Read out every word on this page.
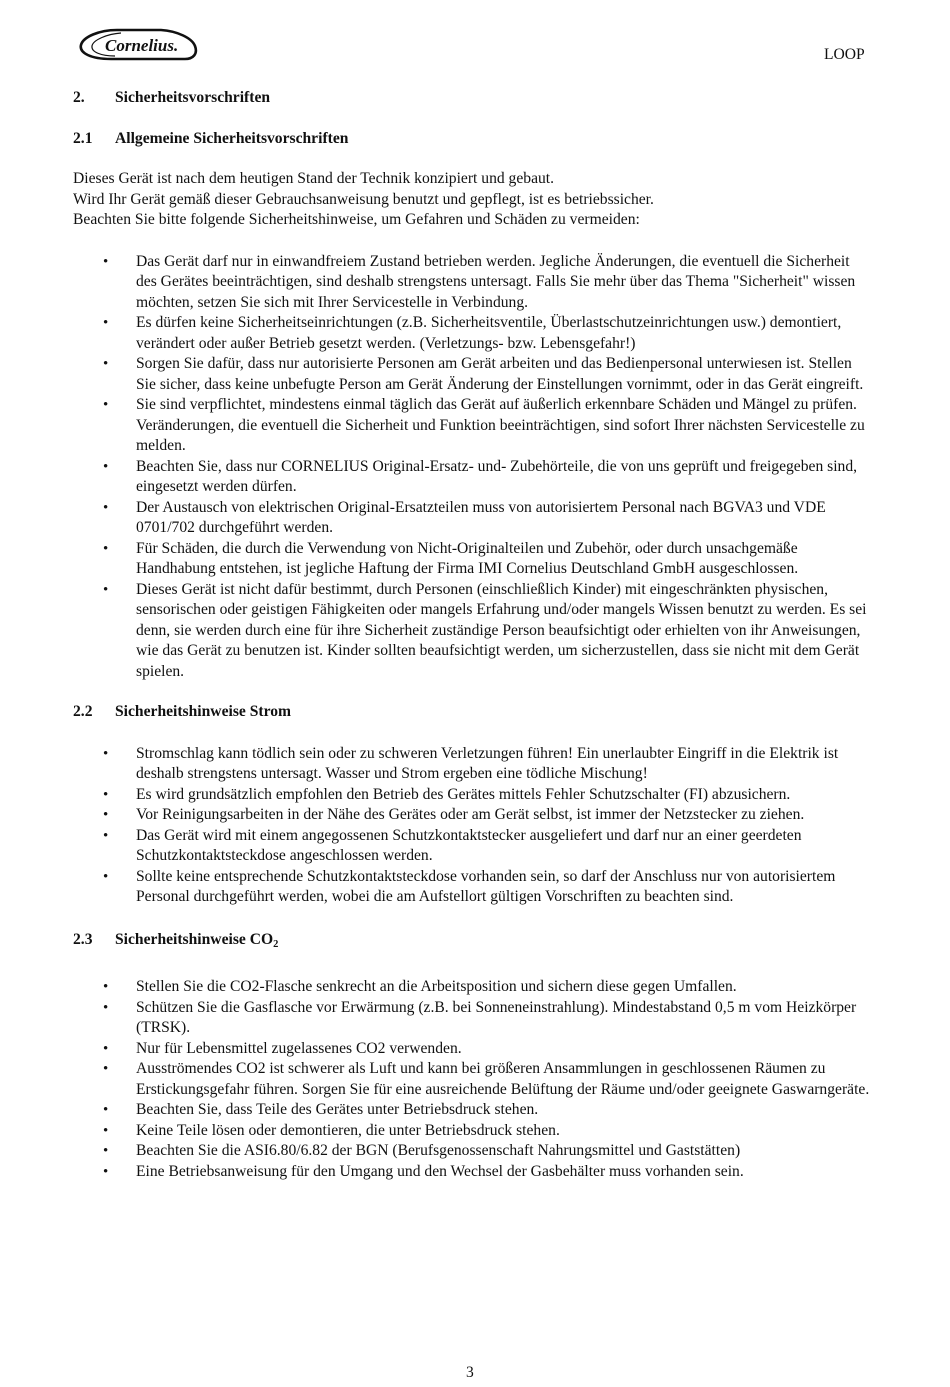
Cornelius.	LOOP
2. Sicherheitsvorschriften
2.1 Allgemeine Sicherheitsvorschriften

Dieses Gerät ist nach dem heutigen Stand der Technik konzipiert und gebaut.

Wird Ihr Gerät gemäß dieser Gebrauchsanweisung benutzt und gepflegt, ist es betriebssicher.

Beachten Sie bitte folgende Sicherheitshinweise, um Gefahren und Schäden zu vermeiden:

• Das Gerät darf nur in einwandfreiem Zustand betrieben werden. Jegliche Änderungen, die eventuell die Sicherheit des Gerätes beeinträchtigen, sind deshalb strengstens untersagt. Falls Sie mehr über das Thema "Sicherheit" wissen möchten, setzen Sie sich mit Ihrer Servicestelle in Verbindung.
• Es dürfen keine Sicherheitseinrichtungen (z.B. Sicherheitsventile, Überlastschutzeinrichtungen usw.) demontiert, verändert oder außer Betrieb gesetzt werden. (Verletzungs- bzw. Lebensgefahr!)
• Sorgen Sie dafür, dass nur autorisierte Personen am Gerät arbeiten und das Bedienpersonal unterwiesen ist. Stellen Sie sicher, dass keine unbefugte Person am Gerät Änderung der Einstellungen vornimmt, oder in das Gerät eingreift.
• Sie sind verpflichtet, mindestens einmal täglich das Gerät auf äußerlich erkennbare Schäden und Mängel zu prüfen. Veränderungen, die eventuell die Sicherheit und Funktion beeinträchtigen, sind sofort Ihrer nächsten Servicestelle zu melden.
• Beachten Sie, dass nur CORNELIUS Original-Ersatz- und- Zubehörteile, die von uns geprüft und freigegeben sind, eingesetzt werden dürfen.
• Der Austausch von elektrischen Original-Ersatzteilen muss von autorisiertem Personal nach BGVA3 und VDE 0701/702 durchgeführt werden.
• Für Schäden, die durch die Verwendung von Nicht-Originalteilen und Zubehör, oder durch unsachgemäße Handhabung entstehen, ist jegliche Haftung der Firma IMI Cornelius Deutschland GmbH ausgeschlossen.
• Dieses Gerät ist nicht dafür bestimmt, durch Personen (einschließlich Kinder) mit eingeschränkten physischen, sensorischen oder geistigen Fähigkeiten oder mangels Erfahrung und/oder mangels Wissen benutzt zu werden. Es sei denn, sie werden durch eine für ihre Sicherheit zuständige Person beaufsichtigt oder erhielten von ihr Anweisungen, wie das Gerät zu benutzen ist. Kinder sollten beaufsichtigt werden, um sicherzustellen, dass sie nicht mit dem Gerät spielen.
2.2 Sicherheitshinweise Strom
• Stromschlag kann tödlich sein oder zu schweren Verletzungen führen! Ein unerlaubter Eingriff in die Elektrik ist deshalb strengstens untersagt. Wasser und Strom ergeben eine tödliche Mischung!
• Es wird grundsätzlich empfohlen den Betrieb des Gerätes mittels Fehler Schutzschalter (FI) abzusichern.
• Vor Reinigungsarbeiten in der Nähe des Gerätes oder am Gerät selbst, ist immer der Netzstecker zu ziehen.
• Das Gerät wird mit einem angegossenen Schutzkontaktstecker ausgeliefert und darf nur an einer geerdeten Schutzkontaktsteckdose angeschlossen werden.
• Sollte keine entsprechende Schutzkontaktsteckdose vorhanden sein, so darf der Anschluss nur von autorisiertem Personal durchgeführt werden, wobei die am Aufstellort gültigen Vorschriften zu beachten sind.
2.3 Sicherheitshinweise $CO_2$
• Stellen Sie die CO2-Flasche senkrecht an die Arbeitsposition und sichern diese gegen Umfallen.
• Schützen Sie die Gasflasche vor Erwärmung (z.B. bei Sonneneinstrahlung). Mindestabstand 0,5 m vom Heizkörper (TRSK).
• Nur für Lebensmittel zugelassenes CO2 verwenden.
• Ausströmendes CO2 ist schwerer als Luft und kann bei größeren Ansammlungen in geschlossenen Räumen zu Erstickungsgefahr führen. Sorgen Sie für eine ausreichende Belüftung der Räume und/oder geeignete Gaswarngeräte.
• Beachten Sie, dass Teile des Gerätes unter Betriebsdruck stehen.
• Keine Teile lösen oder demontieren, die unter Betriebsdruck stehen.
• Beachten Sie die ASI6.80/6.82 der BGN (Berufsgenossenschaft Nahrungsmittel und Gaststätten)
• Eine Betriebsanweisung für den Umgang und den Wechsel der Gasbehälter muss vorhanden sein.
3
